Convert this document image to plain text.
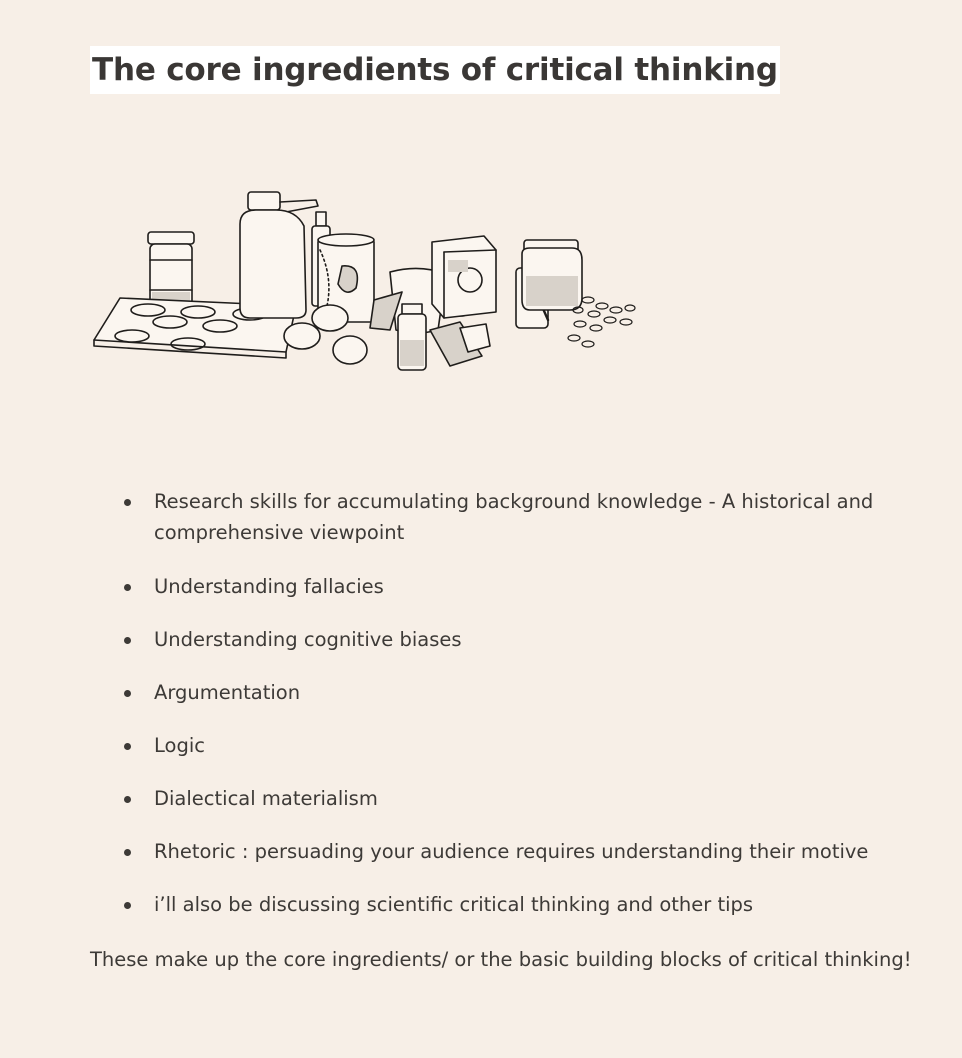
The core ingredients of critical thinking
Research skills for accumulating background knowledge - A historical and comprehensive viewpoint
Understanding fallacies
Understanding cognitive biases
Argumentation
Logic
Dialectical materialism
Rhetoric : persuading your audience requires understanding their motive
i’ll also be discussing scientific critical thinking and other tips

These make up the core ingredients/ or the basic building blocks of critical thinking!
